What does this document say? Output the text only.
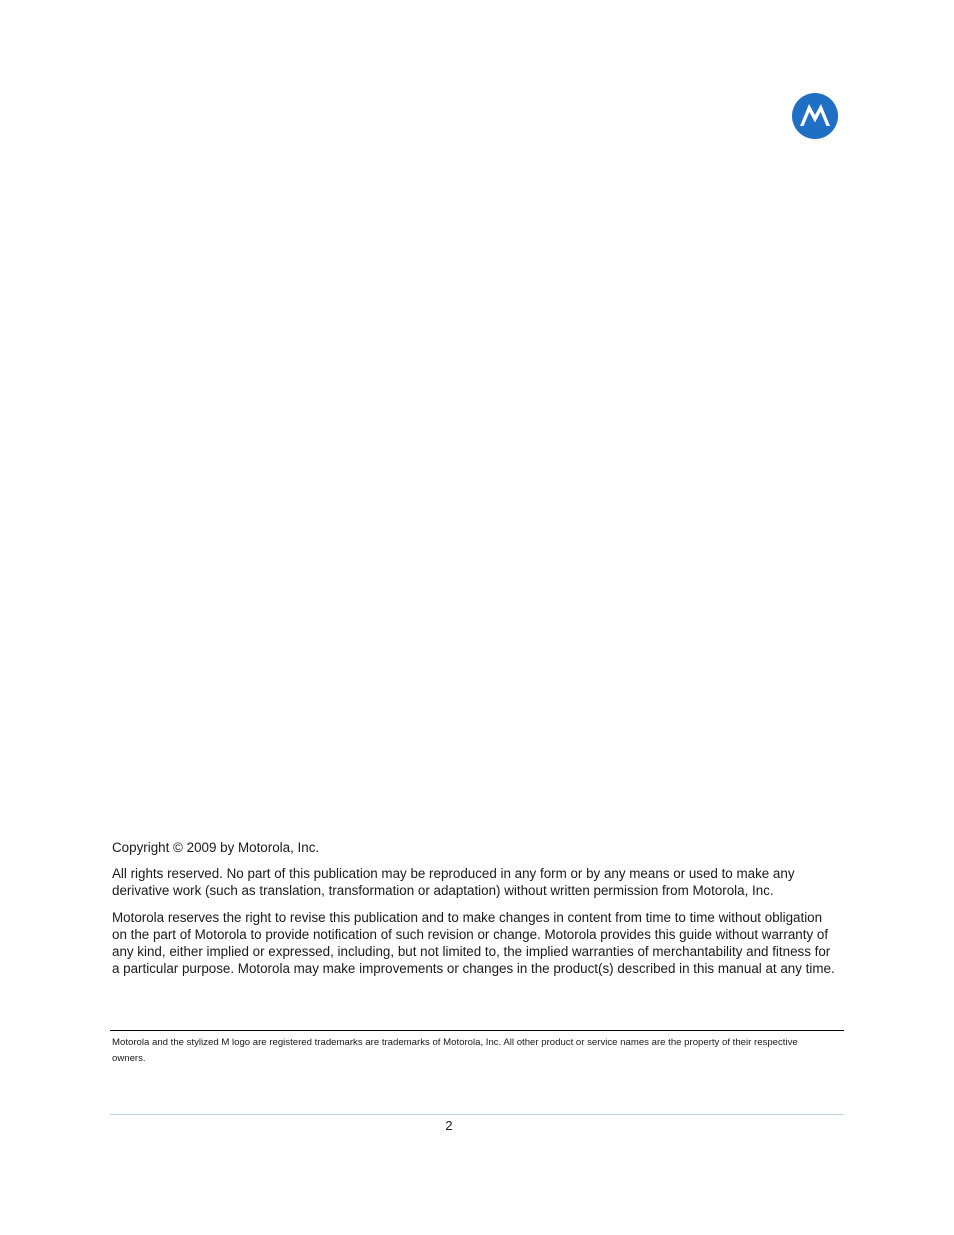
Copyright © 2009 by Motorola, Inc.

All rights reserved. No part of this publication may be reproduced in any form or by any means or used to make any derivative work (such as translation, transformation or adaptation) without written permission from Motorola, Inc.

Motorola reserves the right to revise this publication and to make changes in content from time to time without obligation on the part of Motorola to provide notification of such revision or change. Motorola provides this guide without warranty of any kind, either implied or expressed, including, but not limited to, the implied warranties of merchantability and fitness for a particular purpose. Motorola may make improvements or changes in the product(s) described in this manual at any time.

Motorola and the stylized M logo are registered trademarks are trademarks of Motorola, Inc. All other product or service names are the property of their respective owners.
2
